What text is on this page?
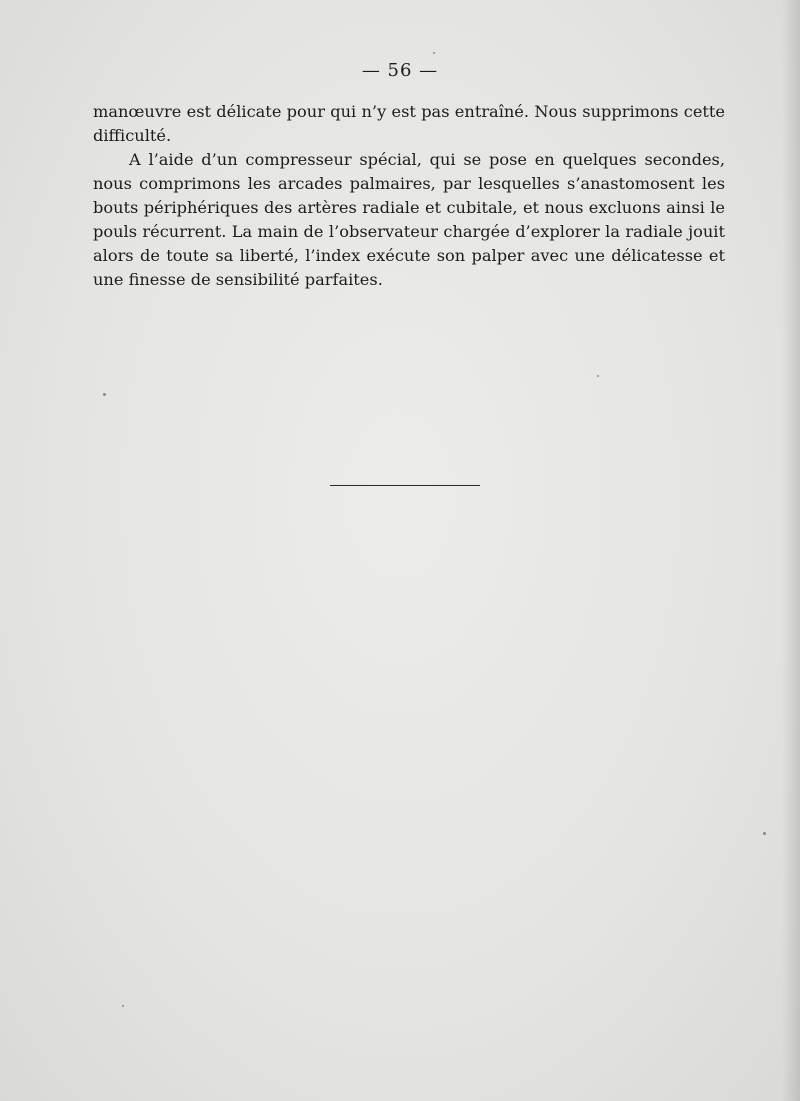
— 56 —

manœuvre est délicate pour qui n’y est pas entraîné. Nous supprimons cette difficulté.

A l’aide d’un compresseur spécial, qui se pose en quelques secondes, nous comprimons les arcades palmaires, par lesquelles s’anastomosent les bouts périphériques des artères radiale et cubitale, et nous excluons ainsi le pouls récurrent. La main de l’observateur chargée d’explorer la radiale jouit alors de toute sa liberté, l’index exécute son palper avec une délicatesse et une finesse de sensibilité parfaites.
